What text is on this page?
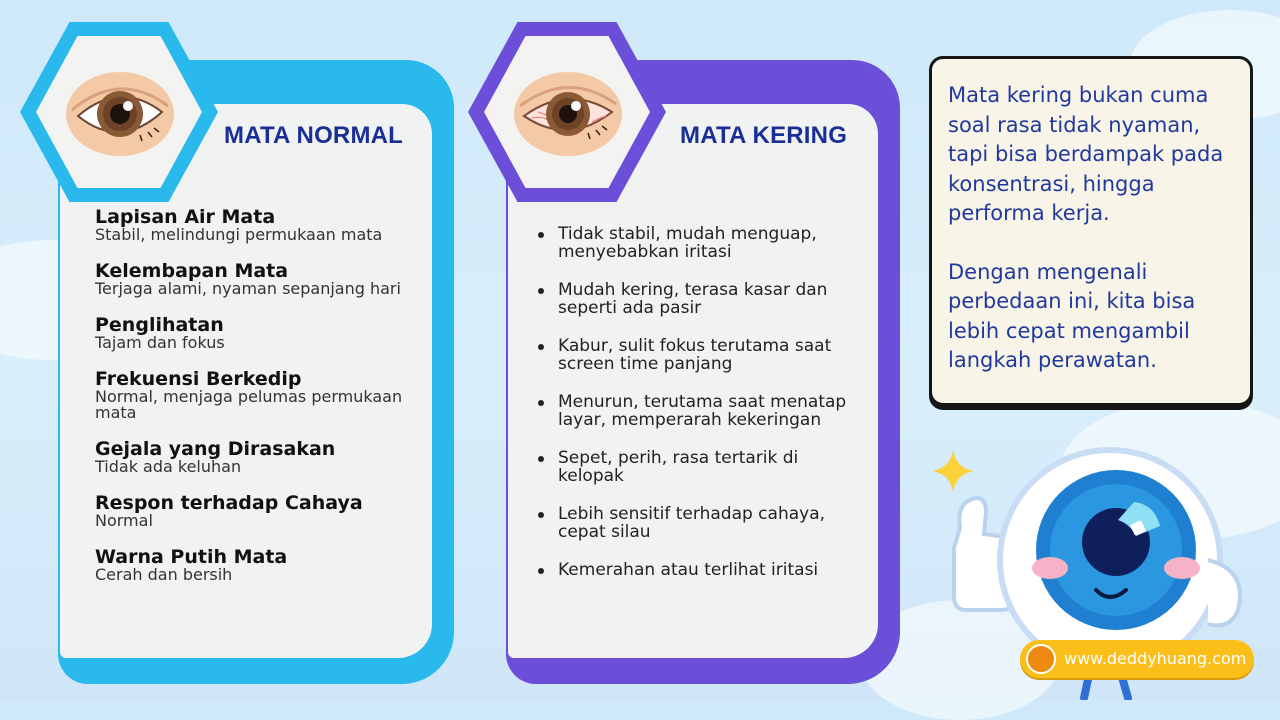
MATA NORMAL
Lapisan Air Mata
Stabil, melindungi permukaan mata
Kelembapan Mata
Terjaga alami, nyaman sepanjang hari
Penglihatan
Tajam dan fokus
Frekuensi Berkedip
Normal, menjaga pelumas permukaan mata
Gejala yang Dirasakan
Tidak ada keluhan
Respon terhadap Cahaya
Normal
Warna Putih Mata
Cerah dan bersih
MATA KERING
Tidak stabil, mudah menguap, menyebabkan iritasi
Mudah kering, terasa kasar dan seperti ada pasir
Kabur, sulit fokus terutama saat screen time panjang
Menurun, terutama saat menatap layar, memperarah kekeringan
Sepet, perih, rasa tertarik di kelopak
Lebih sensitif terhadap cahaya, cepat silau
Kemerahan atau terlihat iritasi

Mata kering bukan cuma soal rasa tidak nyaman, tapi bisa berdampak pada konsentrasi, hingga performa kerja.

Dengan mengenali perbedaan ini, kita bisa lebih cepat mengambil langkah perawatan.

www.deddyhuang.com
